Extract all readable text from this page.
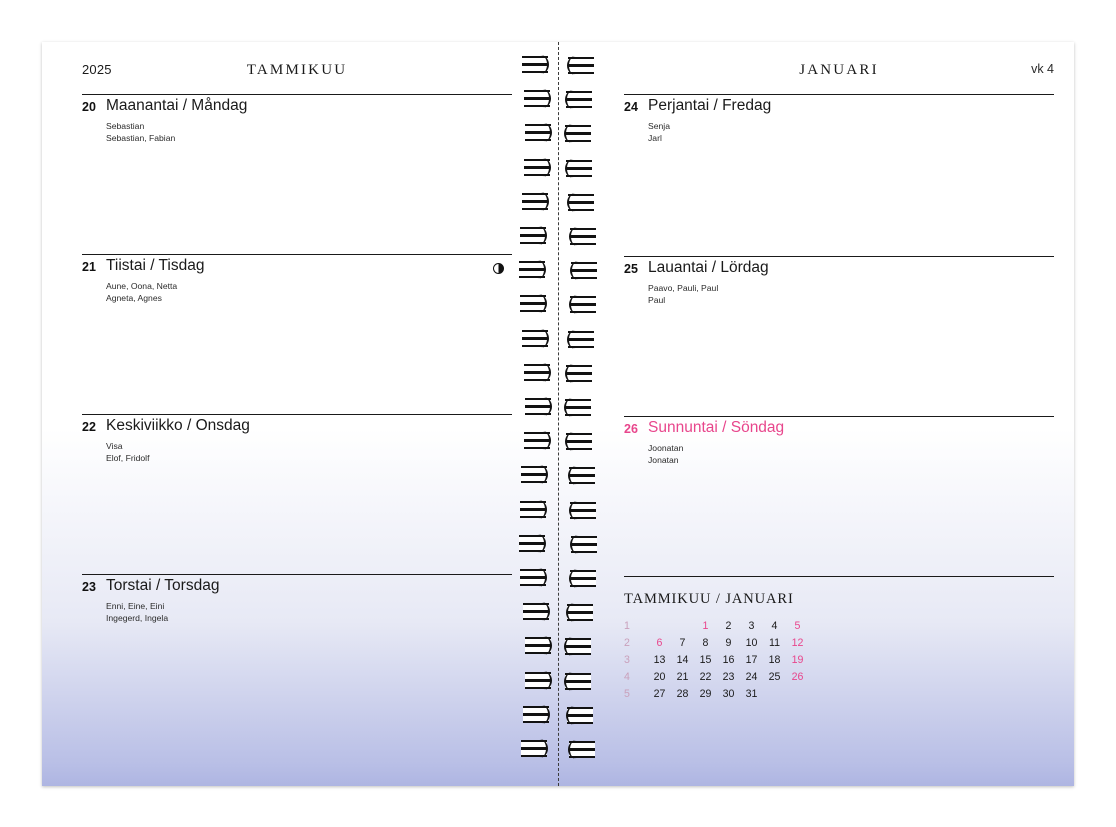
2025	TAMMIKUU	JANUARI	vk 4
20 Maanantai / Måndag
Sebastian
Sebastian, Fabian
21 Tiistai / Tisdag
Aune, Oona, Netta
Agneta, Agnes
22 Keskiviikko / Onsdag
Visa
Elof, Fridolf
23 Torstai / Torsdag
Enni, Eine, Eini
Ingegerd, Ingela
24 Perjantai / Fredag
Senja
Jarl
25 Lauantai / Lördag
Paavo, Pauli, Paul
Paul
26 Sunnuntai / Söndag
Joonatan
Jonatan
TAMMIKUU / JANUARI
1			1	2	3	4	5
2	6	7	8	9	10	11	12
3	13	14	15	16	17	18	19
4	20	21	22	23	24	25	26
5	27	28	29	30	31		
